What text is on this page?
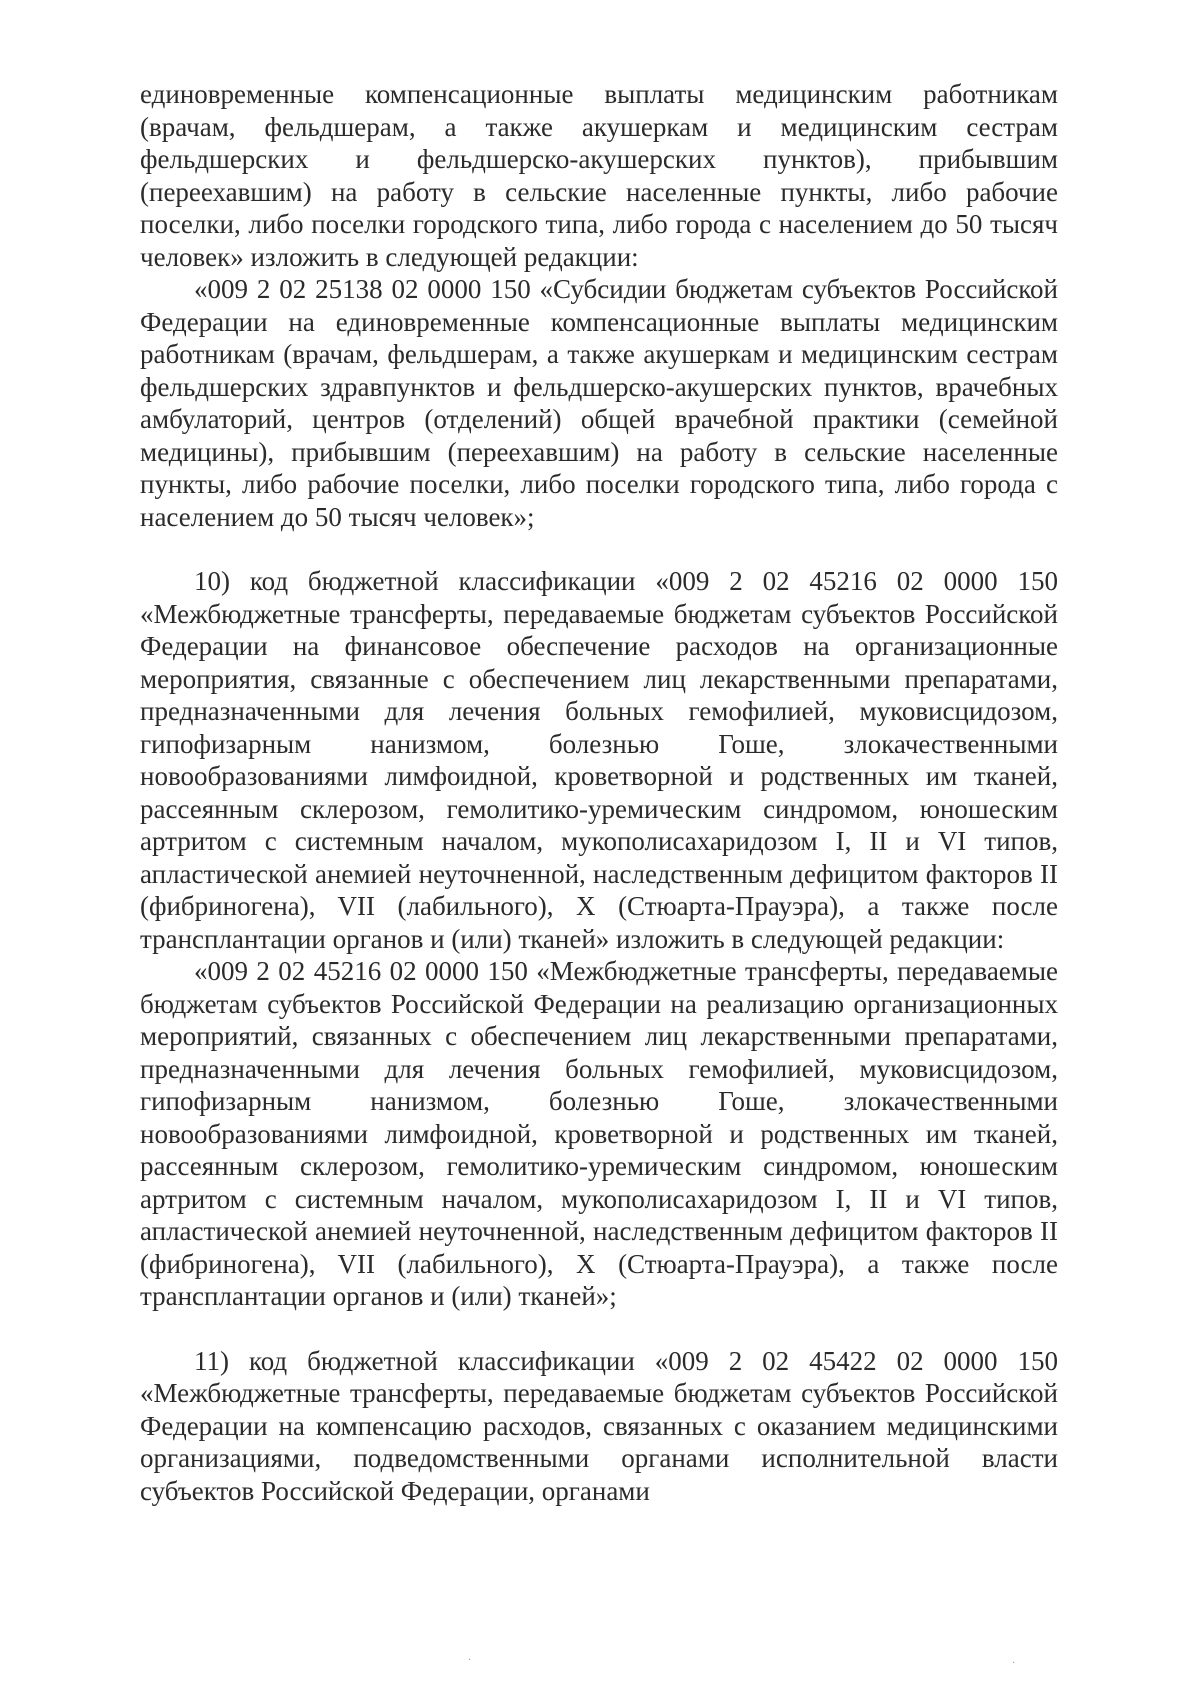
единовременные компенсационные выплаты медицинским работникам (врачам, фельдшерам, а также акушеркам и медицинским сестрам фельдшерских и фельдшерско-акушерских пунктов), прибывшим (переехавшим) на работу в сельские населенные пункты, либо рабочие поселки, либо поселки городского типа, либо города с населением до 50 тысяч человек» изложить в следующей редакции:

«009 2 02 25138 02 0000 150 «Субсидии бюджетам субъектов Российской Федерации на единовременные компенсационные выплаты медицинским работникам (врачам, фельдшерам, а также акушеркам и медицинским сестрам фельдшерских здравпунктов и фельдшерско-акушерских пунктов, врачебных амбулаторий, центров (отделений) общей врачебной практики (семейной медицины), прибывшим (переехавшим) на работу в сельские населенные пункты, либо рабочие поселки, либо поселки городского типа, либо города с населением до 50 тысяч человек»;

10) код бюджетной классификации «009 2 02 45216 02 0000 150 «Межбюджетные трансферты, передаваемые бюджетам субъектов Российской Федерации на финансовое обеспечение расходов на организационные мероприятия, связанные с обеспечением лиц лекарственными препаратами, предназначенными для лечения больных гемофилией, муковисцидозом, гипофизарным нанизмом, болезнью Гоше, злокачественными новообразованиями лимфоидной, кроветворной и родственных им тканей, рассеянным склерозом, гемолитико-уремическим синдромом, юношеским артритом с системным началом, мукополисахаридозом I, II и VI типов, апластической анемией неуточненной, наследственным дефицитом факторов II (фибриногена), VII (лабильного), X (Стюарта-Прауэра), а также после трансплантации органов и (или) тканей» изложить в следующей редакции:

«009 2 02 45216 02 0000 150 «Межбюджетные трансферты, передаваемые бюджетам субъектов Российской Федерации на реализацию организационных мероприятий, связанных с обеспечением лиц лекарственными препаратами, предназначенными для лечения больных гемофилией, муковисцидозом, гипофизарным нанизмом, болезнью Гоше, злокачественными новообразованиями лимфоидной, кроветворной и родственных им тканей, рассеянным склерозом, гемолитико-уремическим синдромом, юношеским артритом с системным началом, мукополисахаридозом I, II и VI типов, апластической анемией неуточненной, наследственным дефицитом факторов II (фибриногена), VII (лабильного), X (Стюарта-Прауэра), а также после трансплантации органов и (или) тканей»;

11) код бюджетной классификации «009 2 02 45422 02 0000 150 «Межбюджетные трансферты, передаваемые бюджетам субъектов Российской Федерации на компенсацию расходов, связанных с оказанием медицинскими организациями, подведомственными органами исполнительной власти субъектов Российской Федерации, органами

·	·
